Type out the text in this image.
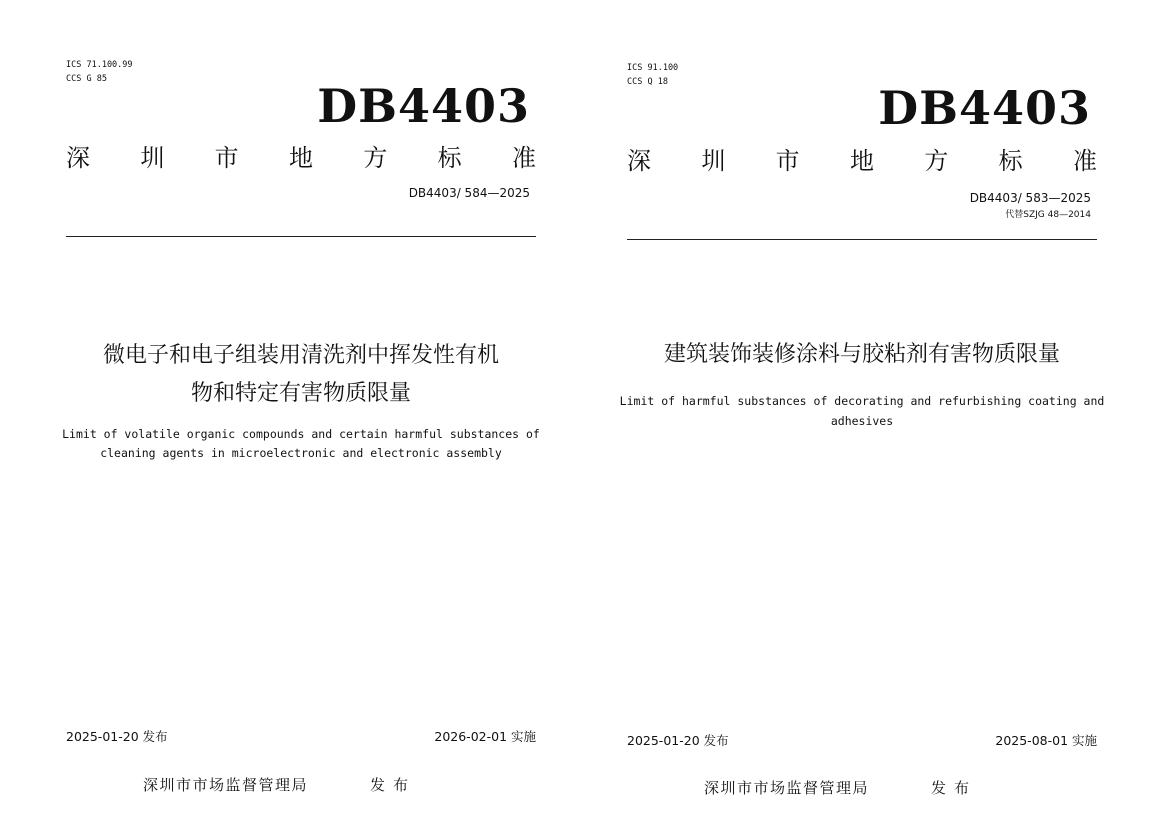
ICS 71.100.99
CCS G 85	DB4403
深 圳 市 地 方 标 准
DB4403/ 584—2025
微电子和电子组装用清洗剂中挥发性有机
物和特定有害物质限量
Limit of volatile organic compounds and certain harmful substances of
cleaning agents in microelectronic and electronic assembly
2025-01-20 发布	2026-02-01 实施
深圳市市场监督管理局	发布
ICS 91.100
CCS Q 18	DB4403
深 圳 市 地 方 标 准
DB4403/ 583—2025
代替SZJG 48—2014
建筑装饰装修涂料与胶粘剂有害物质限量
Limit of harmful substances of decorating and refurbishing coating and
adhesives
2025-01-20 发布	2025-08-01 实施
深圳市市场监督管理局	发布
